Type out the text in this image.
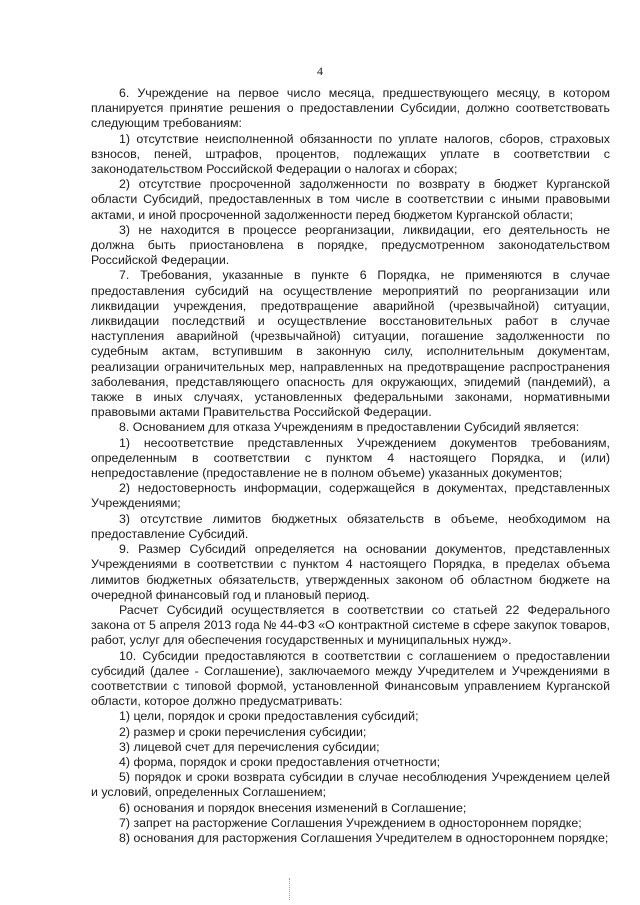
4

6. Учреждение на первое число месяца, предшествующего месяцу, в котором планируется принятие решения о предоставлении Субсидии, должно соответствовать следующим требованиям:

1) отсутствие неисполненной обязанности по уплате налогов, сборов, страховых взносов, пеней, штрафов, процентов, подлежащих уплате в соответствии с законодательством Российской Федерации о налогах и сборах;

2) отсутствие просроченной задолженности по возврату в бюджет Курганской области Субсидий, предоставленных в том числе в соответствии с иными правовыми актами, и иной просроченной задолженности перед бюджетом Курганской области;

3) не находится в процессе реорганизации, ликвидации, его деятельность не должна быть приостановлена в порядке, предусмотренном законодательством Российской Федерации.

7. Требования, указанные в пункте 6 Порядка, не применяются в случае предоставления субсидий на осуществление мероприятий по реорганизации или ликвидации учреждения, предотвращение аварийной (чрезвычайной) ситуации, ликвидации последствий и осуществление восстановительных работ в случае наступления аварийной (чрезвычайной) ситуации, погашение задолженности по судебным актам, вступившим в законную силу, исполнительным документам, реализации ограничительных мер, направленных на предотвращение распространения заболевания, представляющего опасность для окружающих, эпидемий (пандемий), а также в иных случаях, установленных федеральными законами, нормативными правовыми актами Правительства Российской Федерации.

8. Основанием для отказа Учреждениям в предоставлении Субсидий является:

1) несоответствие представленных Учреждением документов требованиям, определенным в соответствии с пунктом 4 настоящего Порядка, и (или) непредоставление (предоставление не в полном объеме) указанных документов;

2) недостоверность информации, содержащейся в документах, представленных Учреждениями;

3) отсутствие лимитов бюджетных обязательств в объеме, необходимом на предоставление Субсидий.

9. Размер Субсидий определяется на основании документов, представленных Учреждениями в соответствии с пунктом 4 настоящего Порядка, в пределах объема лимитов бюджетных обязательств, утвержденных законом об областном бюджете на очередной финансовый год и плановый период.

Расчет Субсидий осуществляется в соответствии со статьей 22 Федерального закона от 5 апреля 2013 года № 44-ФЗ «О контрактной системе в сфере закупок товаров, работ, услуг для обеспечения государственных и муниципальных нужд».

10. Субсидии предоставляются в соответствии с соглашением о предоставлении субсидий (далее - Соглашение), заключаемого между Учредителем и Учреждениями в соответствии с типовой формой, установленной Финансовым управлением Курганской области, которое должно предусматривать:

1) цели, порядок и сроки предоставления субсидий;

2) размер и сроки перечисления субсидии;

3) лицевой счет для перечисления субсидии;

4) форма, порядок и сроки предоставления отчетности;

5) порядок и сроки возврата субсидии в случае несоблюдения Учреждением целей и условий, определенных Соглашением;

6) основания и порядок внесения изменений в Соглашение;

7) запрет на расторжение Соглашения Учреждением в одностороннем порядке;

8) основания для расторжения Соглашения Учредителем в одностороннем порядке;
